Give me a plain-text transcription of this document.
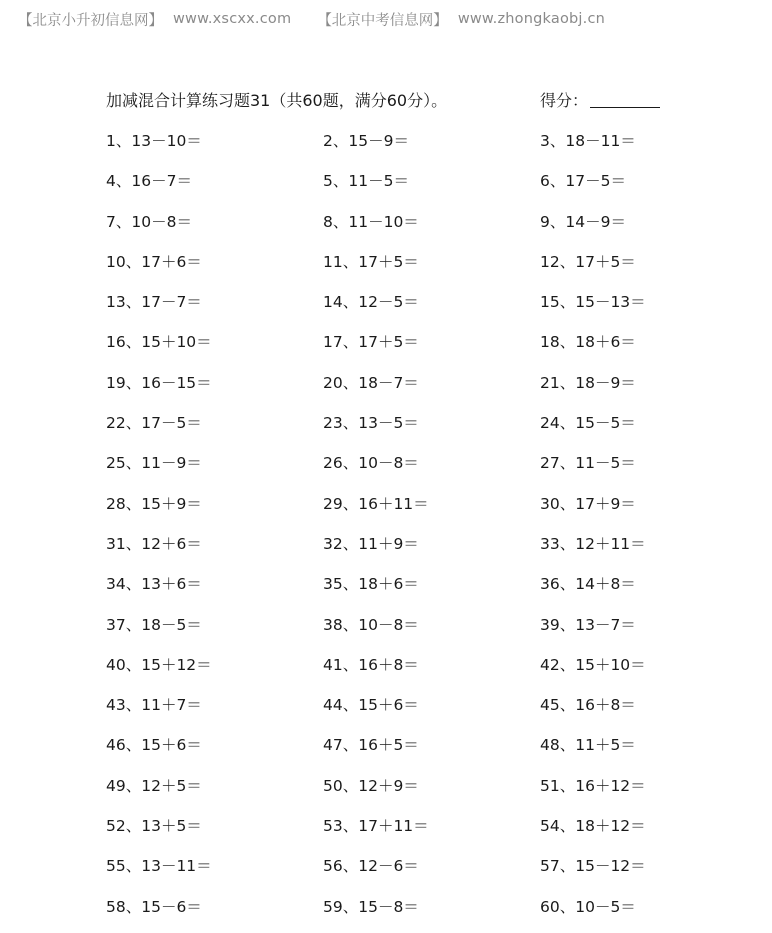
【北京小升初信息网】 www.xscxx.com 【北京中考信息网】 www.zhongkaobj.cn
加减混合计算练习题31（共60题，满分60分）。	得分：
1、13－10＝	2、15－9＝	3、18－11＝
4、16－7＝	5、11－5＝	6、17－5＝
7、10－8＝	8、11－10＝	9、14－9＝
10、17＋6＝	11、17＋5＝	12、17＋5＝
13、17－7＝	14、12－5＝	15、15－13＝
16、15＋10＝	17、17＋5＝	18、18＋6＝
19、16－15＝	20、18－7＝	21、18－9＝
22、17－5＝	23、13－5＝	24、15－5＝
25、11－9＝	26、10－8＝	27、11－5＝
28、15＋9＝	29、16＋11＝	30、17＋9＝
31、12＋6＝	32、11＋9＝	33、12＋11＝
34、13＋6＝	35、18＋6＝	36、14＋8＝
37、18－5＝	38、10－8＝	39、13－7＝
40、15＋12＝	41、16＋8＝	42、15＋10＝
43、11＋7＝	44、15＋6＝	45、16＋8＝
46、15＋6＝	47、16＋5＝	48、11＋5＝
49、12＋5＝	50、12＋9＝	51、16＋12＝
52、13＋5＝	53、17＋11＝	54、18＋12＝
55、13－11＝	56、12－6＝	57、15－12＝
58、15－6＝	59、15－8＝	60、10－5＝
